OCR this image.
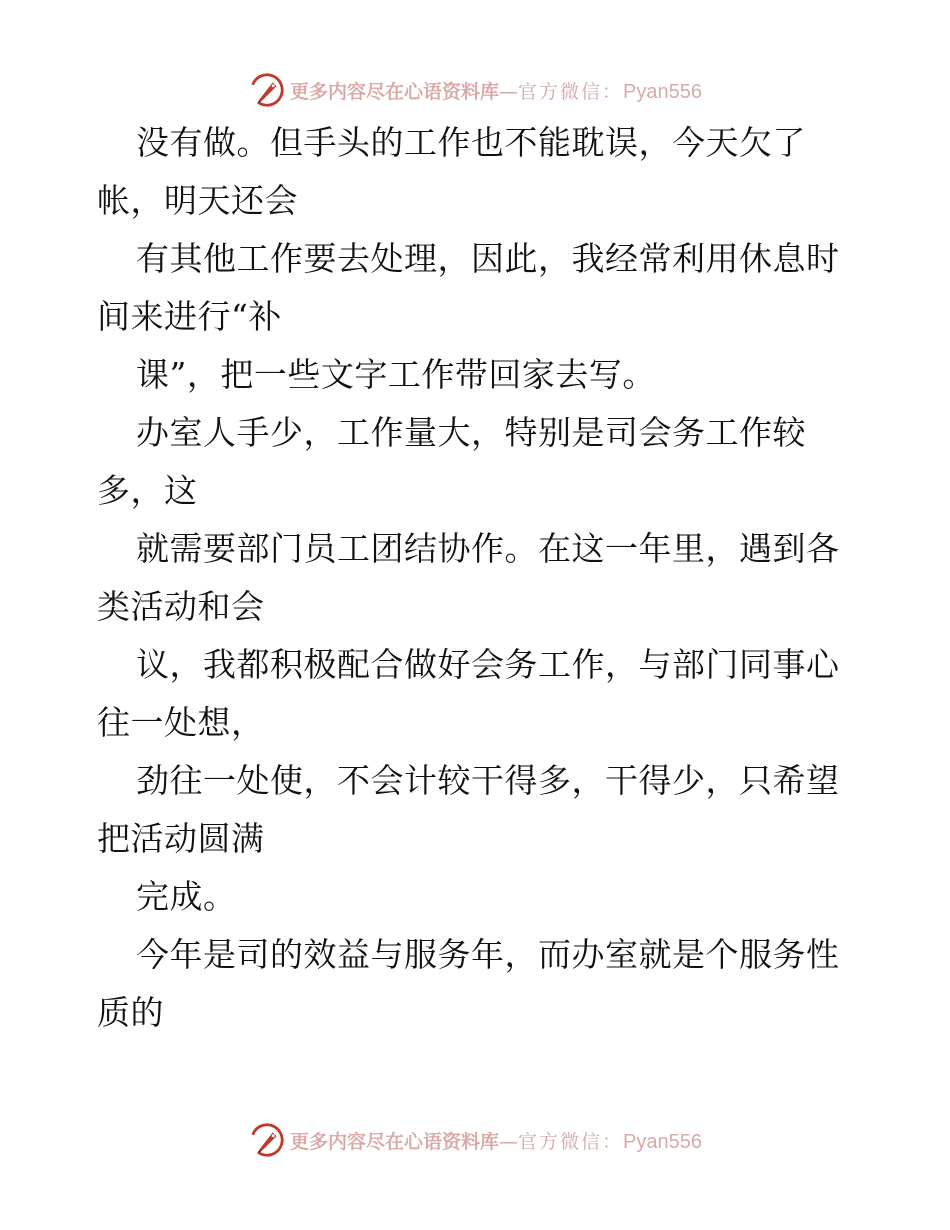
更多内容尽在心语资料库 — 官方微信： Pyan556
没有做。但手头的工作也不能耽误，今天欠了
帐，明天还会
有其他工作要去处理，因此，我经常利用休息时
间来进行“补
课”，把一些文字工作带回家去写。
办室人手少，工作量大，特别是司会务工作较
多，这
就需要部门员工团结协作。在这一年里，遇到各
类活动和会
议，我都积极配合做好会务工作，与部门同事心
往一处想，
劲往一处使，不会计较干得多，干得少，只希望
把活动圆满
完成。
今年是司的效益与服务年，而办室就是个服务性
质的
更多内容尽在心语资料库 — 官方微信： Pyan556
